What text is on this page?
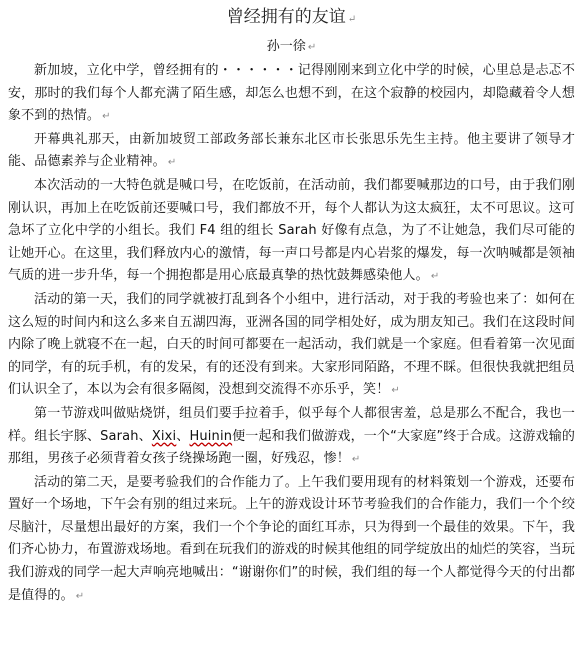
曾经拥有的友谊 ↵
孙一徐 ↵

新加坡，立化中学，曾经拥有的・・・・・・记得刚刚来到立化中学的时候，心里总是忐忑不安，那时的我们每个人都充满了陌生感，却怎么也想不到，在这个寂静的校园内，却隐藏着令人想象不到的热情。 ↵

开幕典礼那天，由新加坡贸工部政务部长兼东北区市长张思乐先生主持。他主要讲了领导才能、品德素养与企业精神。 ↵

本次活动的一大特色就是喊口号，在吃饭前，在活动前，我们都要喊那边的口号，由于我们刚刚认识，再加上在吃饭前还要喊口号，我们都放不开，每个人都认为这太疯狂，太不可思议。这可急坏了立化中学的小组长。我们 F4 组的组长 Sarah 好像有点急，为了不让她急，我们尽可能的让她开心。在这里，我们释放内心的激情，每一声口号都是内心岩浆的爆发，每一次呐喊都是领袖气质的进一步升华，每一个拥抱都是用心底最真挚的热忱鼓舞感染他人。 ↵

活动的第一天，我们的同学就被打乱到各个小组中，进行活动，对于我的考验也来了：如何在这么短的时间内和这么多来自五湖四海，亚洲各国的同学相处好，成为朋友知己。我们在这段时间内除了晚上就寝不在一起，白天的时间可都要在一起活动，我们就是一个家庭。但看着第一次见面的同学，有的玩手机，有的发呆，有的还没有到来。大家形同陌路，不理不睬。但很快我就把组员们认识全了，本以为会有很多隔阂，没想到交流得不亦乐乎，笑！ ↵

第一节游戏叫做贴烧饼，组员们要手拉着手，似乎每个人都很害羞，总是那么不配合，我也一样。组长宇豚、Sarah、Xixi、Huinin便一起和我们做游戏，一个“大家庭”终于合成。这游戏输的那组，男孩子必须背着女孩子绕操场跑一圈，好残忍，惨！ ↵

活动的第二天，是要考验我们的合作能力了。上午我们要用现有的材料策划一个游戏，还要布置好一个场地，下午会有别的组过来玩。上午的游戏设计环节考验我们的合作能力，我们一个个绞尽脑汁，尽量想出最好的方案，我们一个个争论的面红耳赤，只为得到一个最佳的效果。下午，我们齐心协力，布置游戏场地。看到在玩我们的游戏的时候其他组的同学绽放出的灿烂的笑容，当玩我们游戏的同学一起大声响亮地喊出：“谢谢你们”的时候，我们组的每一个人都觉得今天的付出都是值得的。 ↵
